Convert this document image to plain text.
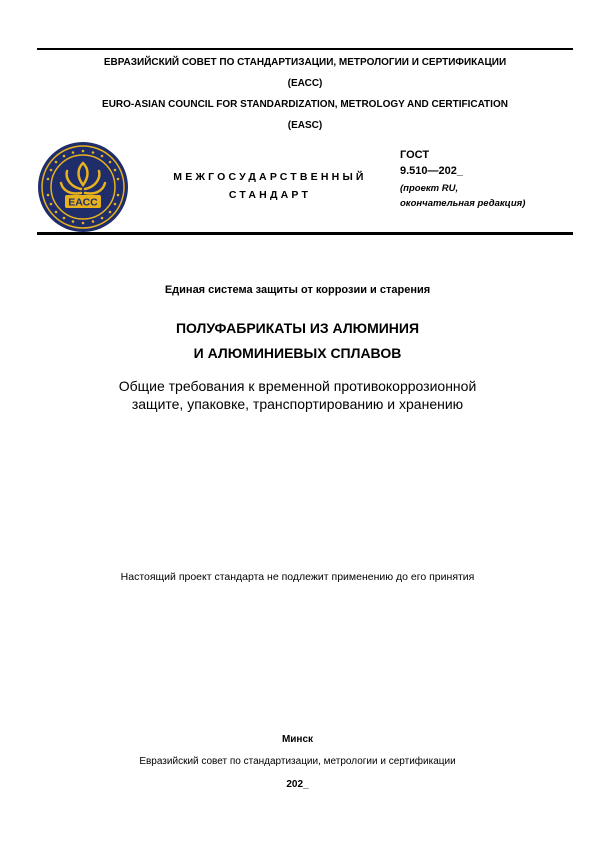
ЕВРАЗИЙСКИЙ СОВЕТ ПО СТАНДАРТИЗАЦИИ, МЕТРОЛОГИИ И СЕРТИФИКАЦИИ
(ЕАСС)
EURO-ASIAN COUNCIL FOR STANDARDIZATION, METROLOGY AND CERTIFICATION
(EASC)
ЕАСС
МЕЖГОСУДАРСТВЕННЫЙ
СТАНДАРТ
ГОСТ
9.510—202_
(проект RU,
окончательная редакция)
Единая система защиты от коррозии и старения
ПОЛУФАБРИКАТЫ ИЗ АЛЮМИНИЯ
И АЛЮМИНИЕВЫХ СПЛАВОВ
Общие требования к временной противокоррозионной
защите, упаковке, транспортированию и хранению
Настоящий проект стандарта не подлежит применению до его принятия
Минск
Евразийский совет по стандартизации, метрологии и сертификации
202_
